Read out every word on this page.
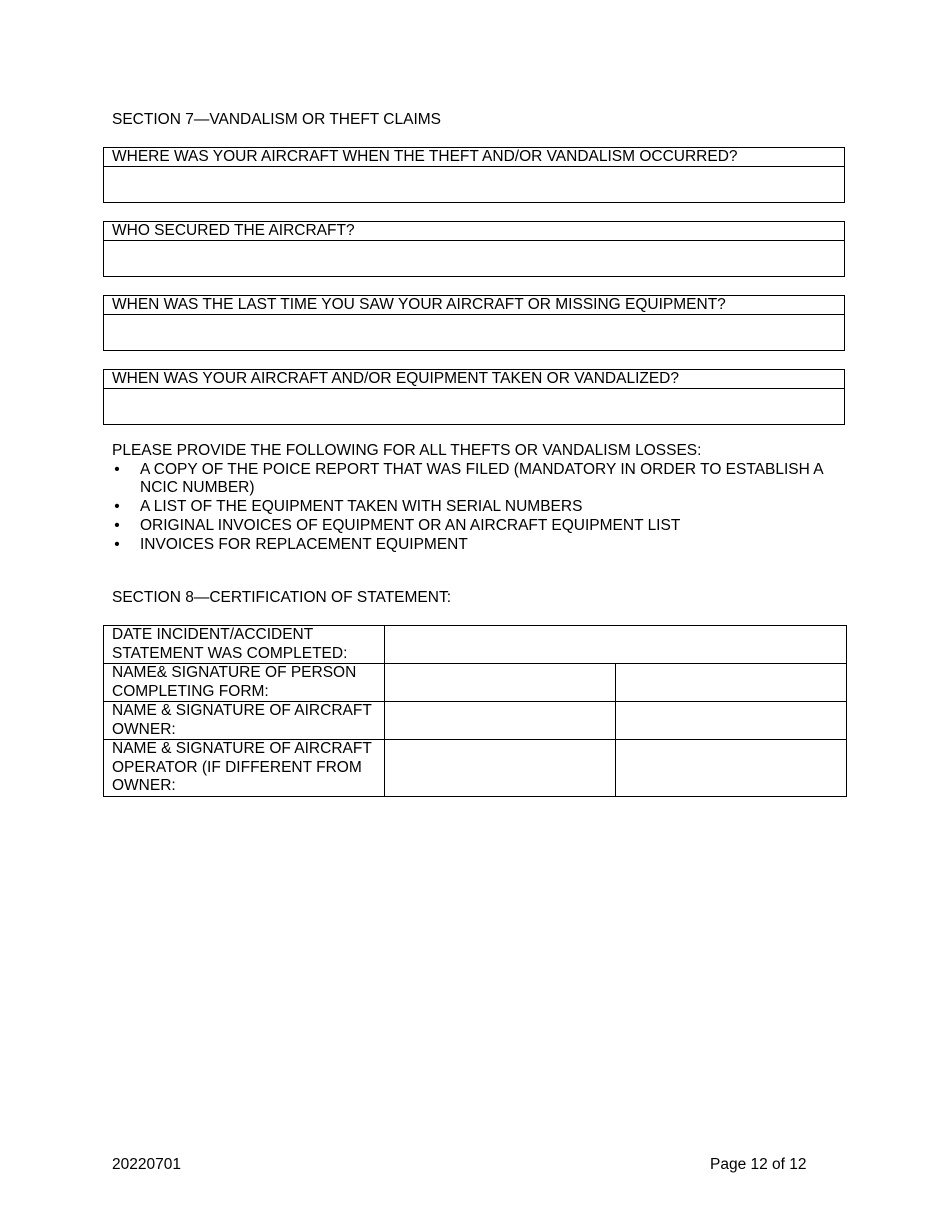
SECTION 7—VANDALISM OR THEFT CLAIMS
WHERE WAS YOUR AIRCRAFT WHEN THE THEFT AND/OR VANDALISM OCCURRED?
WHO SECURED THE AIRCRAFT?
WHEN WAS THE LAST TIME YOU SAW YOUR AIRCRAFT OR MISSING EQUIPMENT?
WHEN WAS YOUR AIRCRAFT AND/OR EQUIPMENT TAKEN OR VANDALIZED?
PLEASE PROVIDE THE FOLLOWING FOR ALL THEFTS OR VANDALISM LOSSES:
• A COPY OF THE POICE REPORT THAT WAS FILED (MANDATORY IN ORDER TO ESTABLISH A NCIC NUMBER)
• A LIST OF THE EQUIPMENT TAKEN WITH SERIAL NUMBERS
• ORIGINAL INVOICES OF EQUIPMENT OR AN AIRCRAFT EQUIPMENT LIST
• INVOICES FOR REPLACEMENT EQUIPMENT
SECTION 8—CERTIFICATION OF STATEMENT:
DATE INCIDENT/ACCIDENT STATEMENT WAS COMPLETED:		
NAME& SIGNATURE OF PERSON COMPLETING FORM:		
NAME & SIGNATURE OF AIRCRAFT OWNER:		
NAME & SIGNATURE OF AIRCRAFT OPERATOR (IF DIFFERENT FROM OWNER:		
20220701	Page 12 of 12
